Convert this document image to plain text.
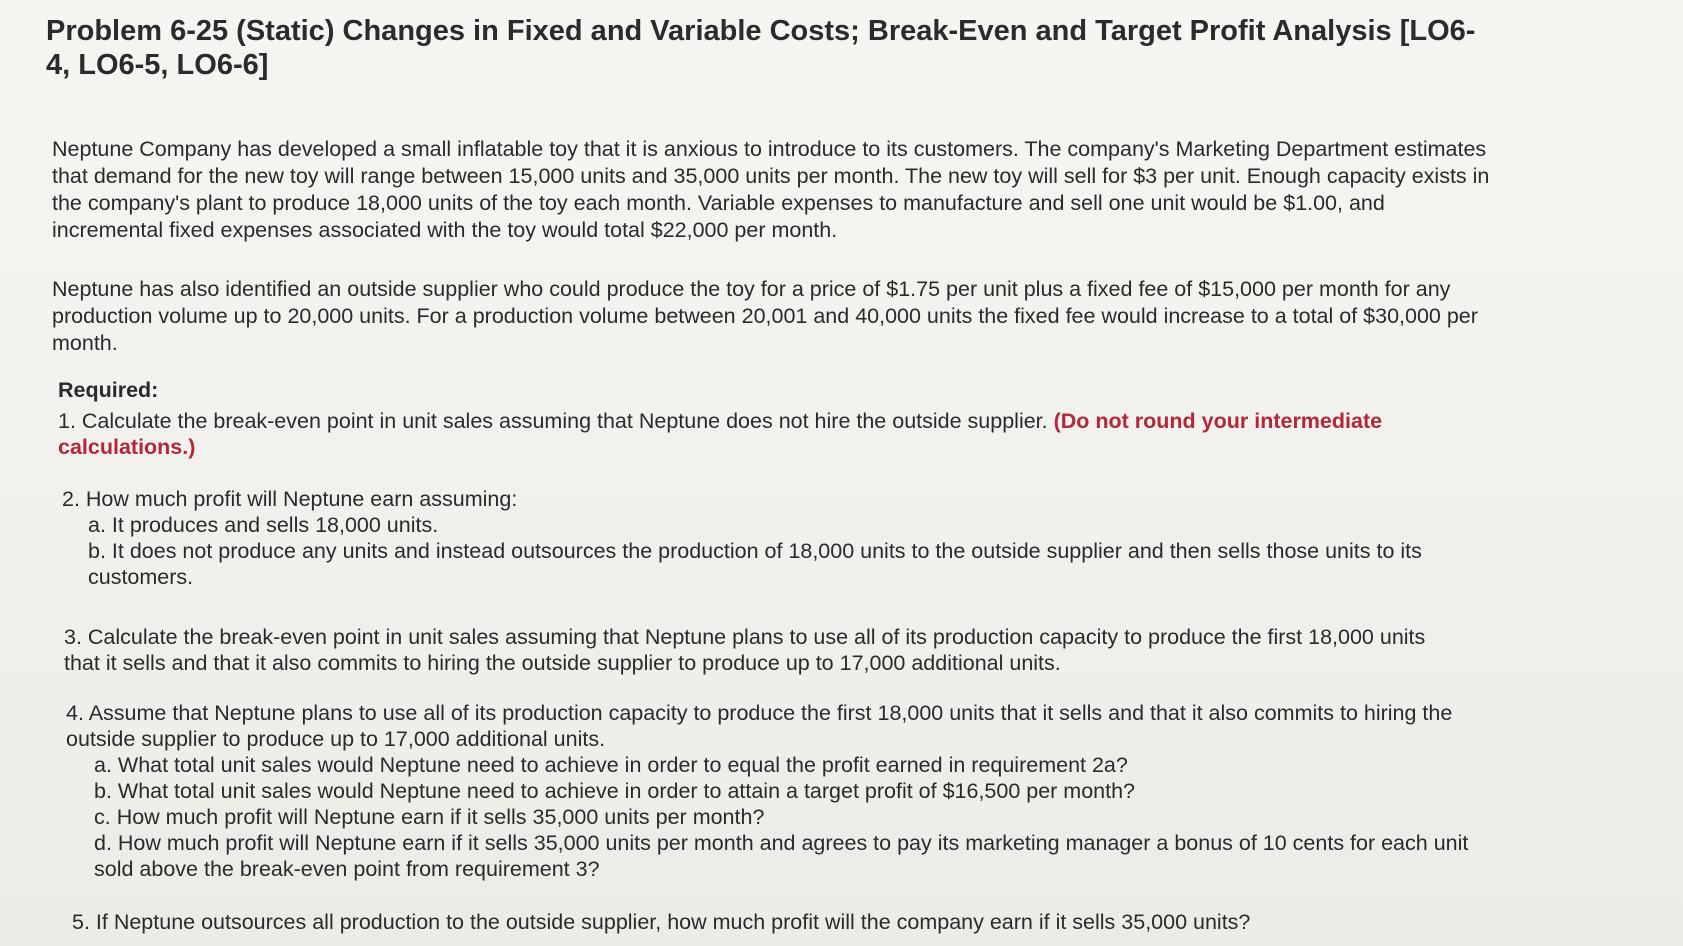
Problem 6-25 (Static) Changes in Fixed and Variable Costs; Break-Even and Target Profit Analysis [LO6-4, LO6-5, LO6-6]

Neptune Company has developed a small inflatable toy that it is anxious to introduce to its customers. The company's Marketing Department estimates that demand for the new toy will range between 15,000 units and 35,000 units per month. The new toy will sell for $3 per unit. Enough capacity exists in the company's plant to produce 18,000 units of the toy each month. Variable expenses to manufacture and sell one unit would be $1.00, and incremental fixed expenses associated with the toy would total $22,000 per month.

Neptune has also identified an outside supplier who could produce the toy for a price of $1.75 per unit plus a fixed fee of $15,000 per month for any production volume up to 20,000 units. For a production volume between 20,001 and 40,000 units the fixed fee would increase to a total of $30,000 per month.

Required:

1. Calculate the break-even point in unit sales assuming that Neptune does not hire the outside supplier. (Do not round your intermediate calculations.)

2. How much profit will Neptune earn assuming:
a. It produces and sells 18,000 units.
b. It does not produce any units and instead outsources the production of 18,000 units to the outside supplier and then sells those units to its customers.

3. Calculate the break-even point in unit sales assuming that Neptune plans to use all of its production capacity to produce the first 18,000 units that it sells and that it also commits to hiring the outside supplier to produce up to 17,000 additional units.

4. Assume that Neptune plans to use all of its production capacity to produce the first 18,000 units that it sells and that it also commits to hiring the outside supplier to produce up to 17,000 additional units.
a. What total unit sales would Neptune need to achieve in order to equal the profit earned in requirement 2a?
b. What total unit sales would Neptune need to achieve in order to attain a target profit of $16,500 per month?
c. How much profit will Neptune earn if it sells 35,000 units per month?
d. How much profit will Neptune earn if it sells 35,000 units per month and agrees to pay its marketing manager a bonus of 10 cents for each unit sold above the break-even point from requirement 3?

5. If Neptune outsources all production to the outside supplier, how much profit will the company earn if it sells 35,000 units?
